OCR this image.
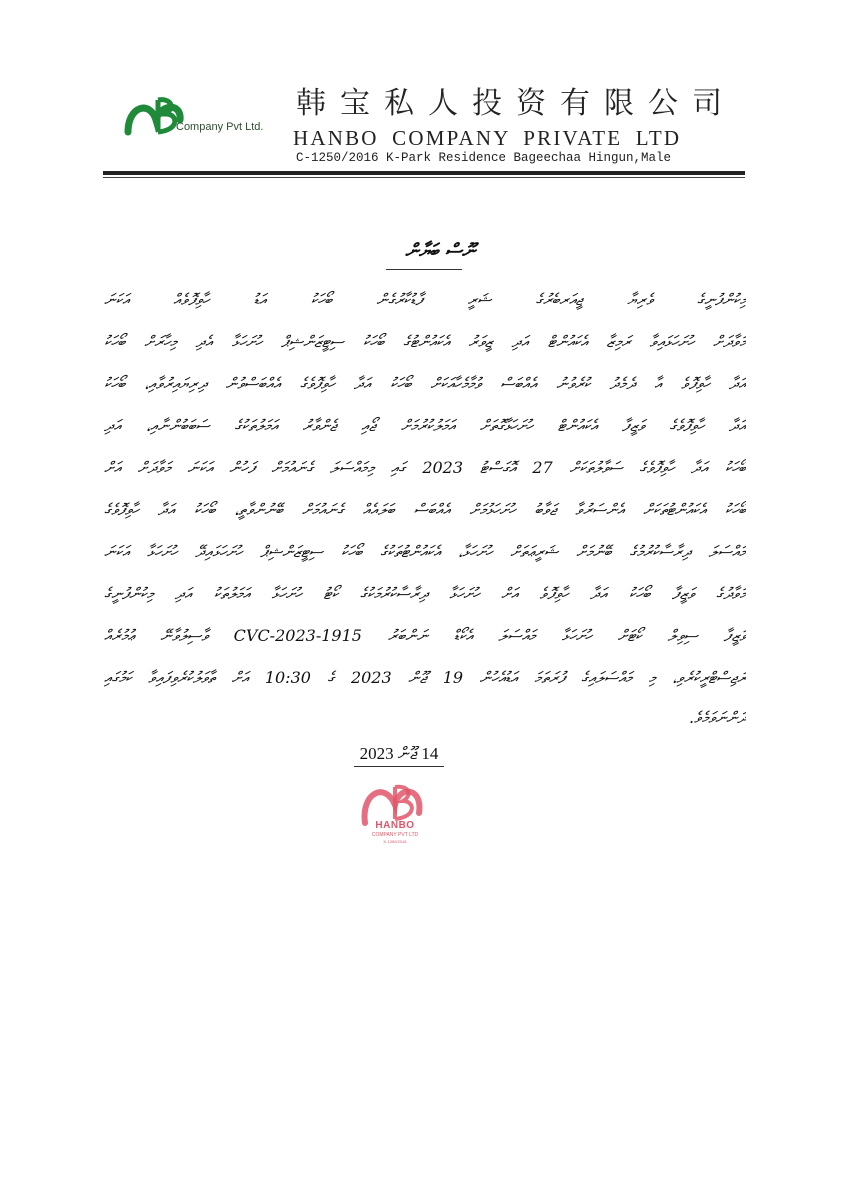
Company Pvt Ltd.
韩宝私人投资有限公司
HANBO COMPANY PRIVATE LTD
C-1250/2016 K-Park Residence Bageechaa Hingun,Male
ނޫސް ބަޔާން
މިކުންފުނީގެ ވެރިޔާ ޖީއަރބެރުގެ ޝަރީ ފާޑުކާރުގެން ބޯހަކު އަޑު ހާވިފޮވެއް އަކަނަ
މަވާދަށް ހުށަހަޅައިވާ ރަމިޒާ އެކައުންޓް އަދި ޒީވަރު އެކައުންޓުގެ ބޯހަކު ސިޓީޒަންޝިޕް ހުށަހަޅާ އެދި މިހާރަށް ބޯހަކު
އަދާ ހާވިފޮވެ އާ ދެމެދު ކުރެވުނު އެއްބަސް ވުމާމެހާއަކަށް ބޯހަކު އަދާ ހާވިފޮވެގެ އެއްބަސްވުން ދިރިޔައިރުވާއި، ބޯހަކު
އަދާ ހާވިފޮވެގެ ވަޒީފާ އެކައުންޓް ހުށަހަޅާގޮތަށް އަމަލުކުރުމަށް ޖޯއި ޖެންވާރު އަމަލުތަކުގެ ސަބަބުންނާއި، އަދި
ބޯހަކު އަދާ ހާވިފޮވެގެ ސަވާލުތަކަށް 27 އޮގަސްޓު 2023 ގައި މިމައްސަލަ ގެނައުމަށް ފަހުން އަކަނަ މަވާދަށް އަށް
ބޯހަކު އެކައުންޓުތަކަށް އެންސަރުވާ ޖަވާބު ހުށަހަޅުމަށް އެއްބަސް ބަލައެއް ގެނައުމަށް ބޭނުންވާތީ، ބޯހަކު އަދާ ހާވިފޮވެގެ
މައްސަލަ ދިރާސާކުރުމުގެ ބޭނުމަށް ޝަރީޢަތަށް ހުށަހަޅާ، އެކައުންޓުތަކުގެ ބޯހަކު ސިޓީޒަންޝިޕް ހުށަހަޅައިދޭ ހުށަހަޅާ އަކަނަ
މަވާދުގެ ވަޒީފާ ބޯހަކު އަދާ ހާވިފޮވެ އަށް ހުށަހަޅާ ދިރާސާކުރުމަކުގެ ކޯޓު ހުށަހަޅާ އަމަލުތަކު އަދި މިކުންފުނީގެ
ވަޒީފާ ސިވިލް ކޯޓަށް ހުށަހަޅާ މައްސަލަ އެކޯޑް ނަންބަރު 1915-CVC-2023 ވާސިލުވާނޭ ޢުމުރެއް
ރަޖިސްޓްރީކުރެވި، މި މައްސަލައިގެ ފުރަތަމަ އަޑުއެހުން 19 ޖޫން 2023 ގެ 10:30 އަށް ތާވަލުކުރެވިފައިވާ ކަމުގައި
ދަންނަވަމެވެ.
14 ޖޫން 2023
HANBO
COMPANY PVT LTD
K-1250/2016
